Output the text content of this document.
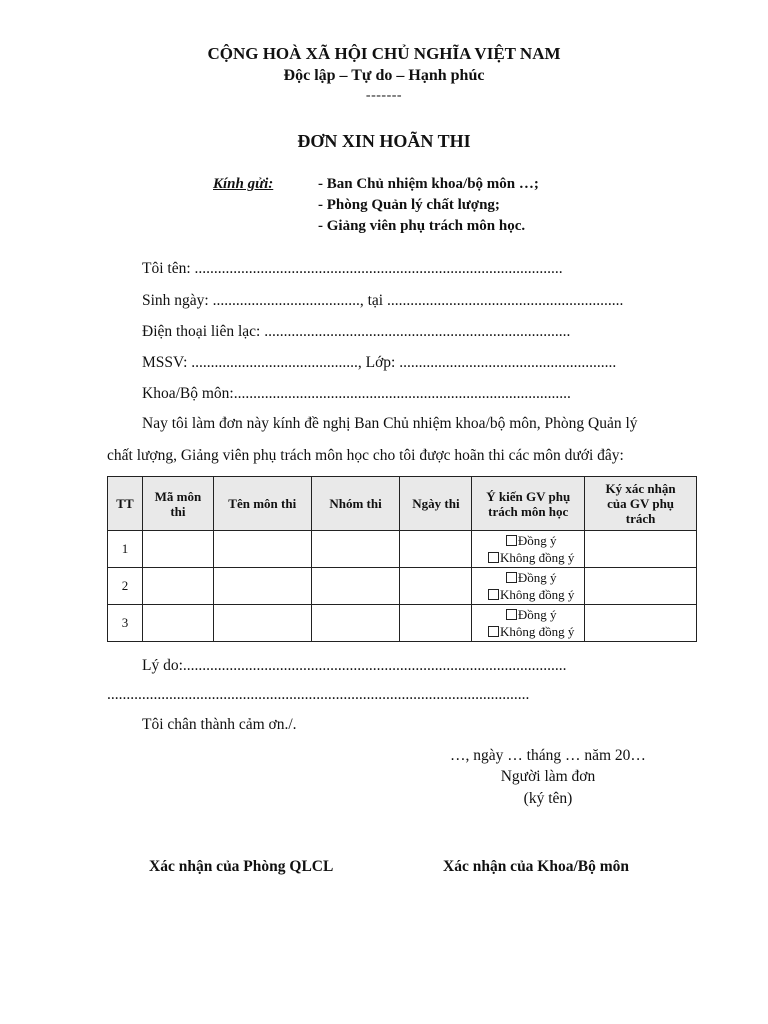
CỘNG HOÀ XÃ HỘI CHỦ NGHĨA VIỆT NAM
Độc lập – Tự do – Hạnh phúc
-------
ĐƠN XIN HOÃN THI
Kính gửi:	- Ban Chủ nhiệm khoa/bộ môn …;
- Phòng Quản lý chất lượng;
- Giảng viên phụ trách môn học.
Tôi tên: ...............................................................................................
Sinh ngày: ......................................, tại .............................................................
Điện thoại liên lạc: ...............................................................................
MSSV: ..........................................., Lớp: ........................................................
Khoa/Bộ môn:.......................................................................................
Nay tôi làm đơn này kính đề nghị Ban Chủ nhiệm khoa/bộ môn, Phòng Quản lý
chất lượng, Giảng viên phụ trách môn học cho tôi được hoãn thi các môn dưới đây:
TT	Mã môn thi	Tên môn thi	Nhóm thi	Ngày thi	Ý kiến GV phụ trách môn học	Ký xác nhận của GV phụ trách
1					Đồng ý
Không đồng ý	

2					Đồng ý
Không đồng ý	

3					Đồng ý
Không đồng ý	

Lý do:...................................................................................................
.............................................................................................................
Tôi chân thành cảm ơn./.
…, ngày … tháng … năm 20…
Người làm đơn
(ký tên)
Xác nhận của Phòng QLCL	Xác nhận của Khoa/Bộ môn
